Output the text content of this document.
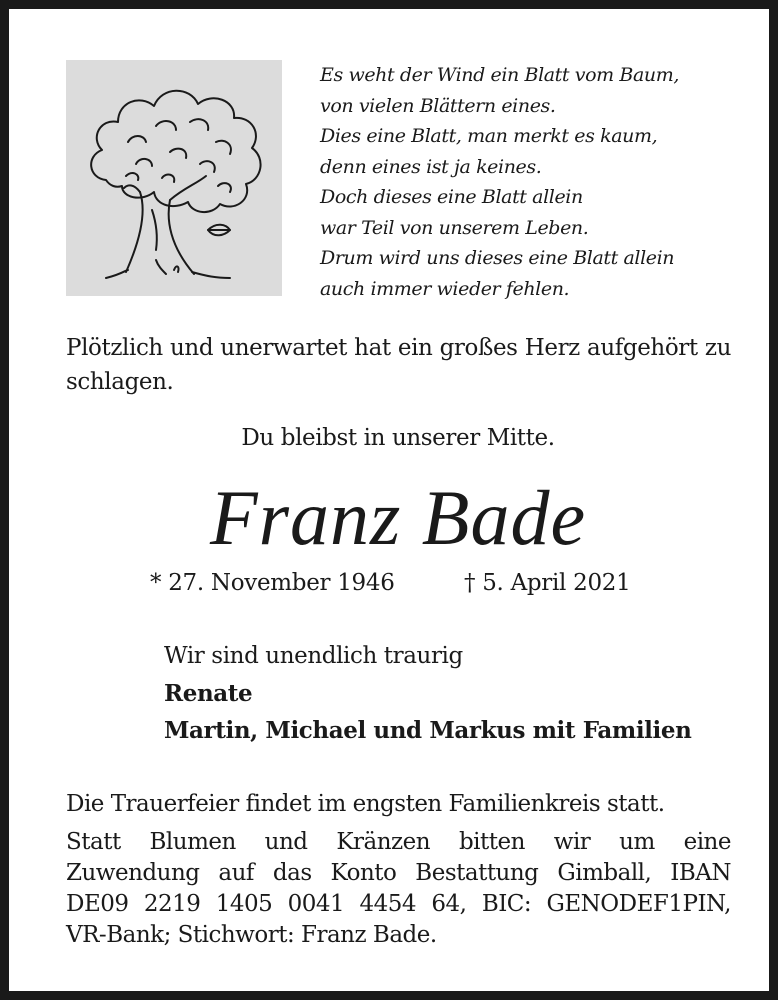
Es weht der Wind ein Blatt vom Baum,
von vielen Blättern eines.
Dies eine Blatt, man merkt es kaum,
denn eines ist ja keines.
Doch dieses eine Blatt allein
war Teil von unserem Leben.
Drum wird uns dieses eine Blatt allein
auch immer wieder fehlen.
Plötzlich und unerwartet hat ein großes Herz aufgehört zu schlagen.
Du bleibst in unserer Mitte.
Franz Bade
* 27. November 1946	† 5. April 2021
Wir sind unendlich traurig
Renate
Martin, Michael und Markus mit Familien
Die Trauerfeier findet im engsten Familienkreis statt.
Statt Blumen und Kränzen bitten wir um eine
Zuwendung auf das Konto Bestattung Gimball, IBAN
DE09 2219 1405 0041 4454 64, BIC: GENODEF1PIN,
VR-Bank; Stichwort: Franz Bade.
